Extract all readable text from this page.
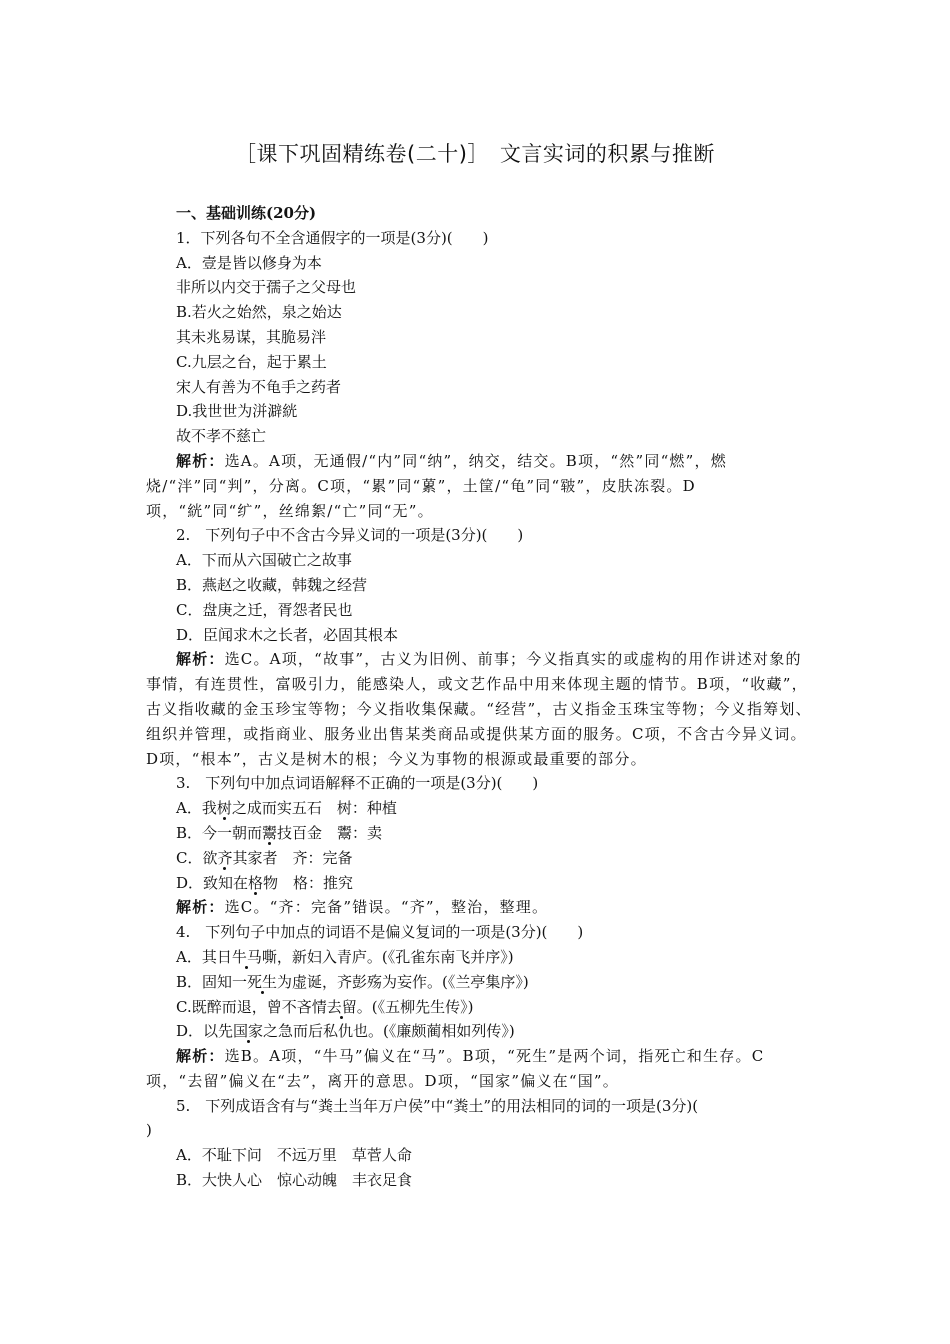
［课下巩固精练卷(二十)］　文言实词的积累与推断
一、基础训练(20分)
1．下列各句不全含通假字的一项是(3分)(　　)
A．壹是皆以修身为本
非所以内交于孺子之父母也
B.若火之始然，泉之始达
其未兆易谋，其脆易泮
C.九层之台，起于累土
宋人有善为不龟手之药者
D.我世世为洴澼絖
故不孝不慈亡
解析：选A。A项，无通假/“内”同“纳”，纳交，结交。B项，“然”同“燃”，燃烧/“泮”同“判”，分离。C项，“累”同“蔂”，土筐/“龟”同“皲”，皮肤冻裂。D项，“絖”同“纩”，丝绵絮/“亡”同“无”。
2.　下列句子中不含古今异义词的一项是(3分)(　　)
A．下而从六国破亡之故事
B．燕赵之收藏，韩魏之经营
C．盘庚之迁，胥怨者民也
D．臣闻求木之长者，必固其根本
解析：选C。A项，“故事”，古义为旧例、前事；今义指真实的或虚构的用作讲述对象的事情，有连贯性，富吸引力，能感染人，或文艺作品中用来体现主题的情节。B项，“收藏”，古义指收藏的金玉珍宝等物；今义指收集保藏。“经营”，古义指金玉珠宝等物；今义指筹划、组织并管理，或指商业、服务业出售某类商品或提供某方面的服务。C项，不含古今异义词。D项，“根本”，古义是树木的根；今义为事物的根源或最重要的部分。
3.　下列句中加点词语解释不正确的一项是(3分)(　　)
A．我树之成而实五石　树：种植
B．今一朝而鬻技百金　鬻：卖
C．欲齐其家者　齐：完备
D．致知在格物　格：推究
解析：选C。“齐：完备”错误。“齐”，整治，整理。
4.　下列句子中加点的词语不是偏义复词的一项是(3分)(　　)
A．其日牛马嘶，新妇入青庐。(《孔雀东南飞并序》)
B．固知一死生为虚诞，齐彭殇为妄作。(《兰亭集序》)
C.既醉而退，曾不吝情去留。(《五柳先生传》)
D．以先国家之急而后私仇也。(《廉颇蔺相如列传》)
解析：选B。A项，“牛马”偏义在“马”。B项，“死生”是两个词，指死亡和生存。C项，“去留”偏义在“去”，离开的意思。D项，“国家”偏义在“国”。
5.　下列成语含有与“粪土当年万户侯”中“粪土”的用法相同的词的一项是(3分)(
)
A．不耻下问　不远万里　草菅人命
B．大快人心　惊心动魄　丰衣足食
